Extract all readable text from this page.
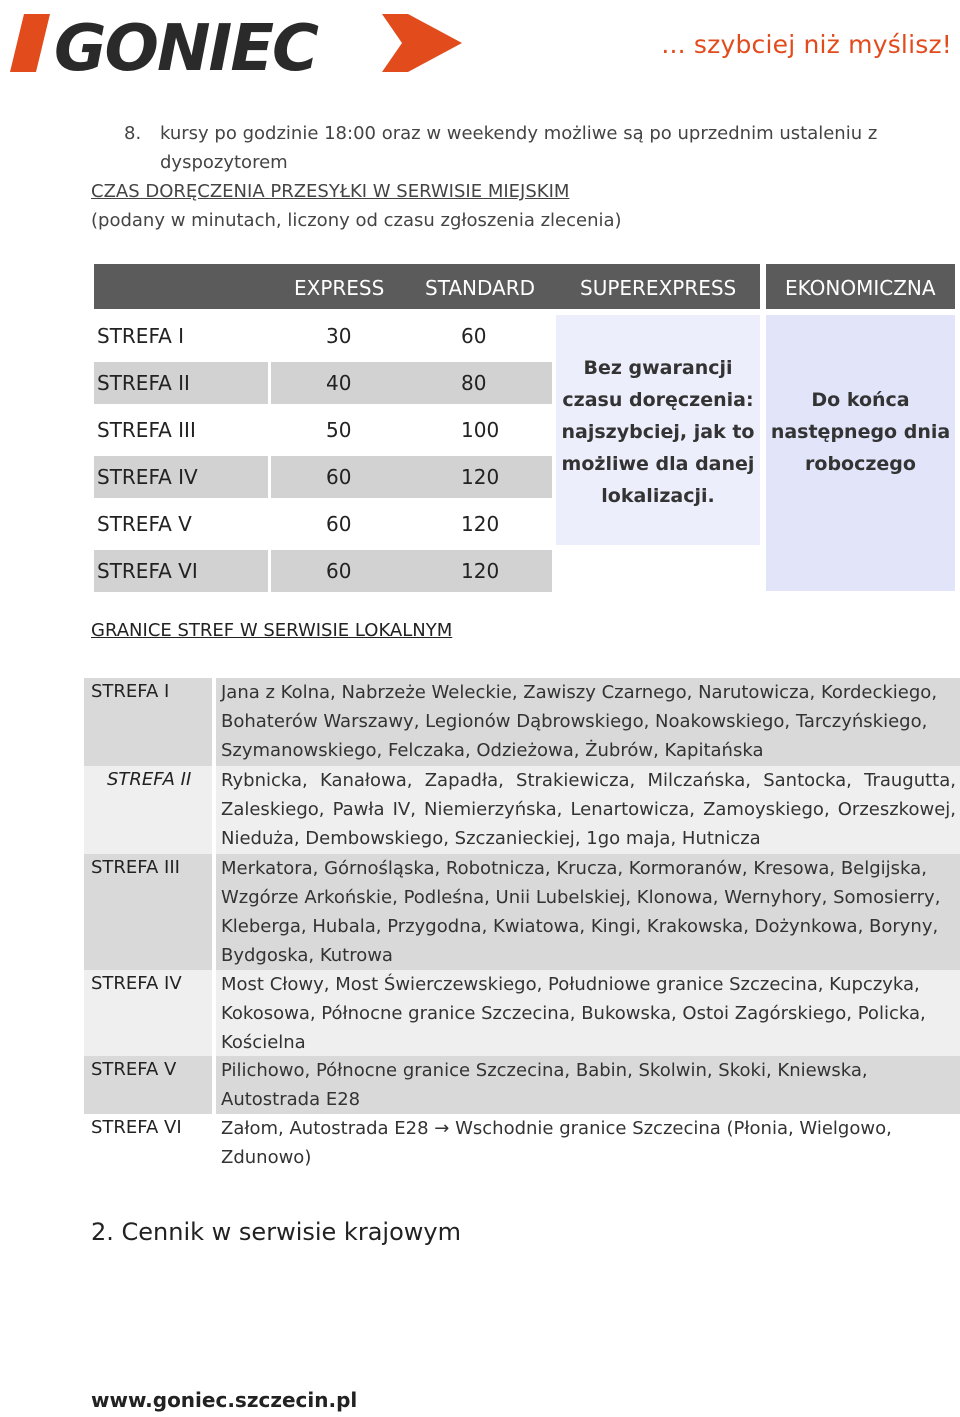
GONIEC	... szybciej niż myślisz!
8. kursy po godzinie 18:00 oraz w weekendy możliwe są po uprzednim ustaleniu z dyspozytorem
CZAS DORĘCZENIA PRZESYŁKI W SERWISIE MIEJSKIM
(podany w minutach, liczony od czasu zgłoszenia zlecenia)
EXPRESS STANDARD SUPEREXPRESS EKONOMICZNA
STREFA I	30	60
STREFA II	40	80
STREFA III	50	100
STREFA IV	60	120
STREFA V	60	120
STREFA VI	60	120
Bez gwarancji czasu doręczenia: najszybciej, jak to możliwe dla danej lokalizacji.
Do końca następnego dnia roboczego
GRANICE STREF W SERWISIE LOKALNYM
STREFA I	Jana z Kolna, Nabrzeże Weleckie, Zawiszy Czarnego, Narutowicza, Kordeckiego, Bohaterów Warszawy, Legionów Dąbrowskiego, Noakowskiego, Tarczyńskiego, Szymanowskiego, Felczaka, Odzieżowa, Żubrów, Kapitańska
STREFA II Rybnicka, Kanałowa, Zapadła, Strakiewicza, Milczańska, Santocka, Traugutta, Zaleskiego, Pawła IV, Niemierzyńska, Lenartowicza, Zamoyskiego, Orzeszkowej, Nieduża, Dembowskiego, Szczanieckiej, 1go maja, Hutnicza
STREFA III Merkatora, Górnośląska, Robotnicza, Krucza, Kormoranów, Kresowa, Belgijska, Wzgórze Arkońskie, Podleśna, Unii Lubelskiej, Klonowa, Wernyhory, Somosierry, Kleberga, Hubala, Przygodna, Kwiatowa, Kingi, Krakowska, Dożynkowa, Boryny, Bydgoska, Kutrowa
STREFA IV Most Cłowy, Most Świerczewskiego, Południowe granice Szczecina, Kupczyka, Kokosowa, Północne granice Szczecina, Bukowska, Ostoi Zagórskiego, Policka, Kościelna
STREFA V Pilichowo, Północne granice Szczecina, Babin, Skolwin, Skoki, Kniewska, Autostrada E28
STREFA VI Załom, Autostrada E28 → Wschodnie granice Szczecina (Płonia, Wielgowo, Zdunowo)
2. Cennik w serwisie krajowym
www.goniec.szczecin.pl
